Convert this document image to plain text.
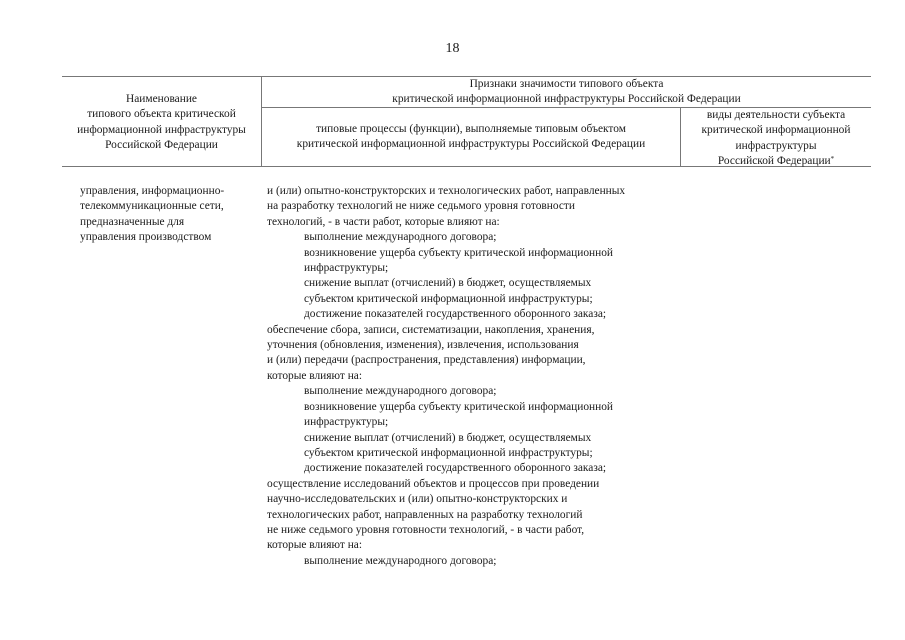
18
Наименование
типового объекта критической
информационной инфраструктуры
Российской Федерации
Признаки значимости типового объекта
критической информационной инфраструктуры Российской Федерации
типовые процессы (функции), выполняемые типовым объектом
критической информационной инфраструктуры Российской Федерации
виды деятельности субъекта
критической информационной
инфраструктуры
Российской Федерации*
управления, информационно-
телекоммуникационные сети,
предназначенные для
управления производством
и (или) опытно-конструкторских и технологических работ, направленных
на разработку технологий не ниже седьмого уровня готовности
технологий, - в части работ, которые влияют на:
выполнение международного договора;
возникновение ущерба субъекту критической информационной
инфраструктуры;
снижение выплат (отчислений) в бюджет, осуществляемых
субъектом критической информационной инфраструктуры;
достижение показателей государственного оборонного заказа;
обеспечение сбора, записи, систематизации, накопления, хранения,
уточнения (обновления, изменения), извлечения, использования
и (или) передачи (распространения, представления) информации,
которые влияют на:
выполнение международного договора;
возникновение ущерба субъекту критической информационной
инфраструктуры;
снижение выплат (отчислений) в бюджет, осуществляемых
субъектом критической информационной инфраструктуры;
достижение показателей государственного оборонного заказа;
осуществление исследований объектов и процессов при проведении
научно-исследовательских и (или) опытно-конструкторских и
технологических работ, направленных на разработку технологий
не ниже седьмого уровня готовности технологий, - в части работ,
которые влияют на:
выполнение международного договора;
